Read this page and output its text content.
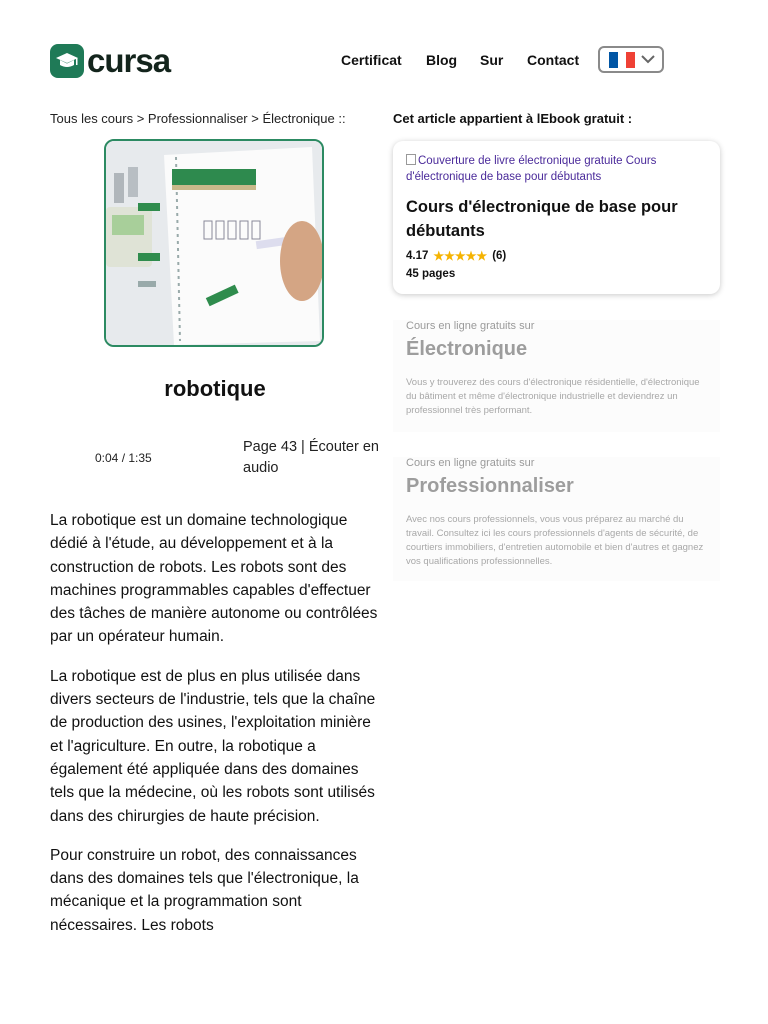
cursa	Certificat Blog Sur Contact
Tous les cours > Professionnaliser > Électronique ::
robotique
0:04 / 1:35
Page 43 | Écouter en audio

La robotique est un domaine technologique dédié à l'étude, au développement et à la construction de robots. Les robots sont des machines programmables capables d'effectuer des tâches de manière autonome ou contrôlées par un opérateur humain.

La robotique est de plus en plus utilisée dans divers secteurs de l'industrie, tels que la chaîne de production des usines, l'exploitation minière et l'agriculture. En outre, la robotique a également été appliquée dans des domaines tels que la médecine, où les robots sont utilisés dans des chirurgies de haute précision.

Pour construire un robot, des connaissances dans des domaines tels que l'électronique, la mécanique et la programmation sont nécessaires. Les robots

Cet article appartient à lEbook gratuit :
Couverture de livre électronique gratuite Cours d'électronique de base pour débutants
Cours d'électronique de base pour débutants
4.17 ★★★★★ (6)
45 pages
Cours en ligne gratuits sur
Électronique
Vous y trouverez des cours d'électronique résidentielle, d'électronique du bâtiment et même d'électronique industrielle et deviendrez un professionnel très performant.
Cours en ligne gratuits sur
Professionnaliser
Avec nos cours professionnels, vous vous préparez au marché du travail. Consultez ici les cours professionnels d'agents de sécurité, de courtiers immobiliers, d'entretien automobile et bien d'autres et gagnez vos qualifications professionnelles.
